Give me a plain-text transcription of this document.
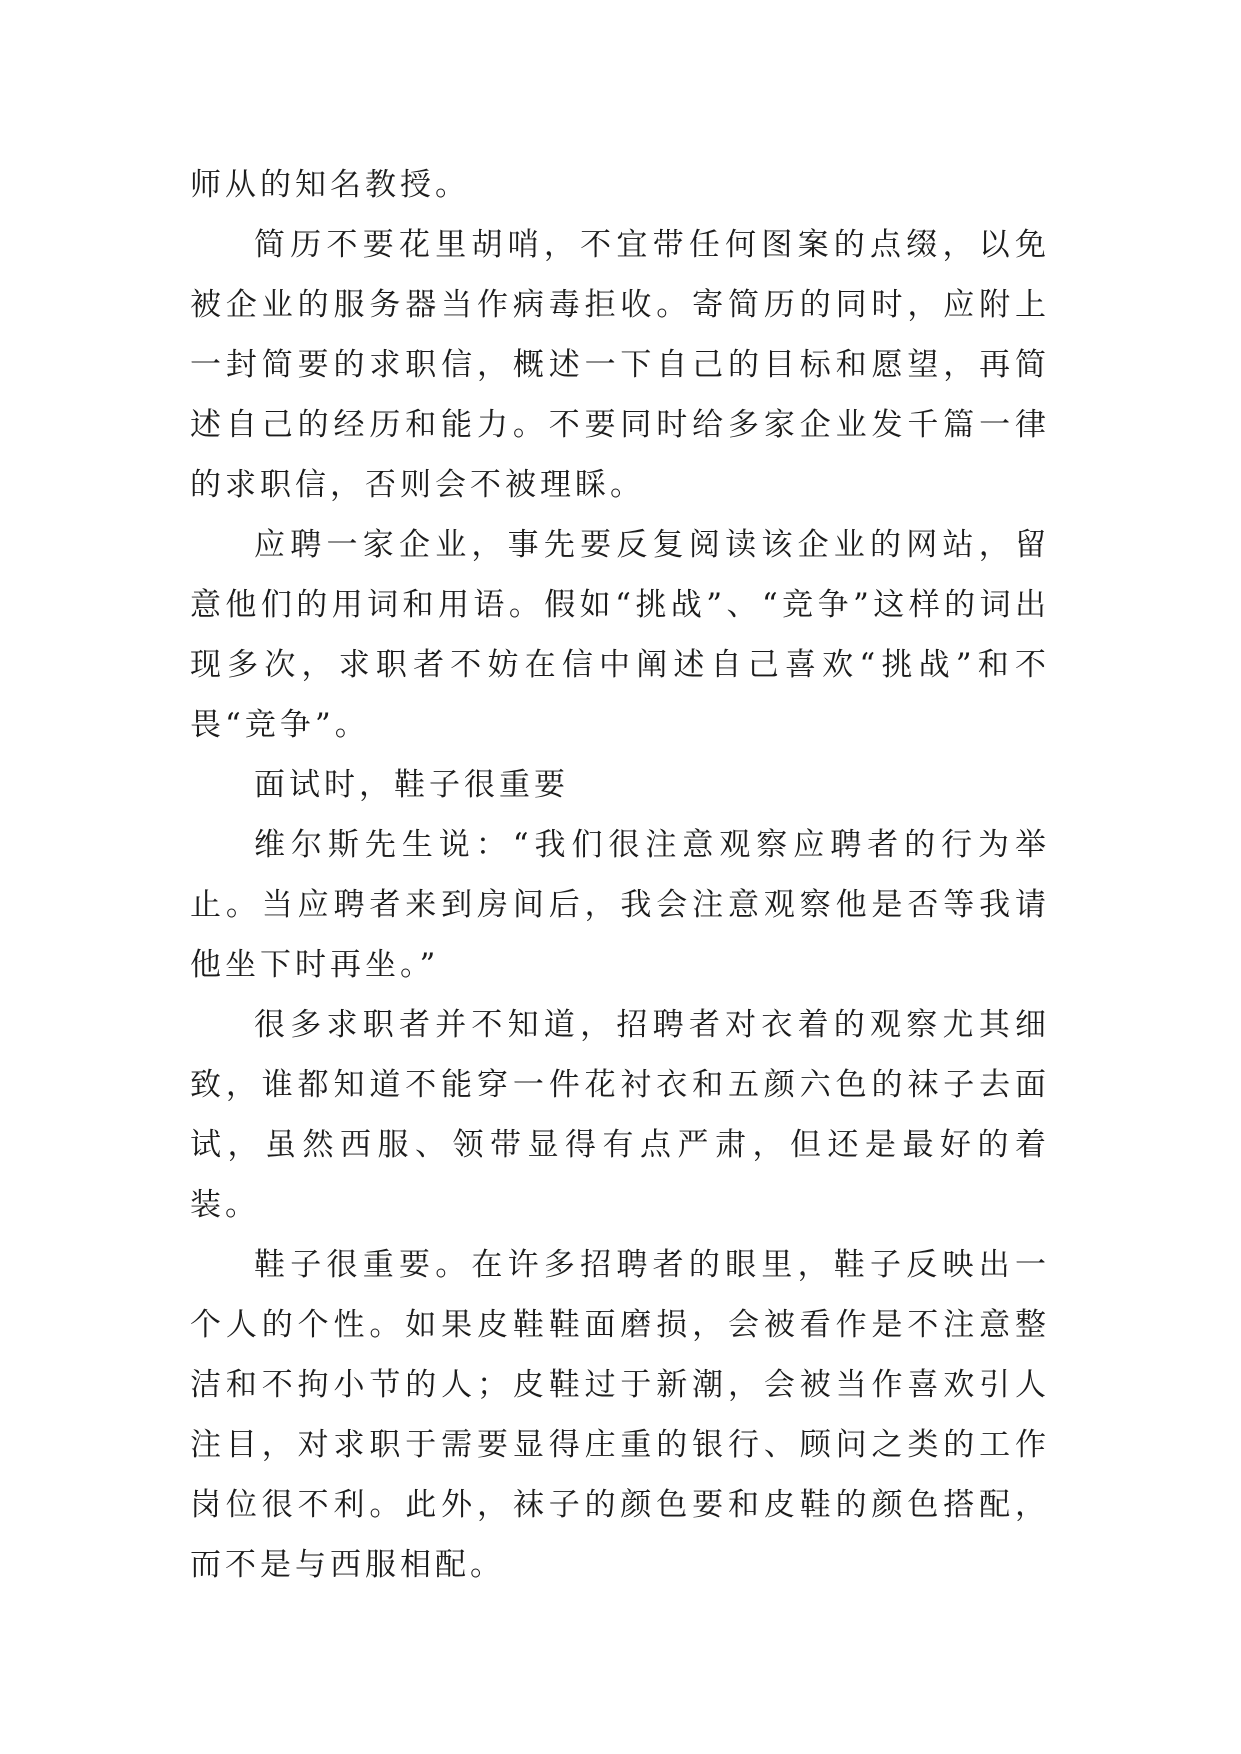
师从的知名教授。

简历不要花里胡哨，不宜带任何图案的点缀，以免被企业的服务器当作病毒拒收。寄简历的同时，应附上一封简要的求职信，概述一下自己的目标和愿望，再简述自己的经历和能力。不要同时给多家企业发千篇一律的求职信，否则会不被理睬。

应聘一家企业，事先要反复阅读该企业的网站，留意他们的用词和用语。假如“挑战”、“竞争”这样的词出现多次，求职者不妨在信中阐述自己喜欢“挑战”和不畏“竞争”。

面试时，鞋子很重要

维尔斯先生说：“我们很注意观察应聘者的行为举止。当应聘者来到房间后，我会注意观察他是否等我请他坐下时再坐。”

很多求职者并不知道，招聘者对衣着的观察尤其细致，谁都知道不能穿一件花衬衣和五颜六色的袜子去面试，虽然西服、领带显得有点严肃，但还是最好的着装。

鞋子很重要。在许多招聘者的眼里，鞋子反映出一个人的个性。如果皮鞋鞋面磨损，会被看作是不注意整洁和不拘小节的人；皮鞋过于新潮，会被当作喜欢引人注目，对求职于需要显得庄重的银行、顾问之类的工作岗位很不利。此外，袜子的颜色要和皮鞋的颜色搭配，而不是与西服相配。
